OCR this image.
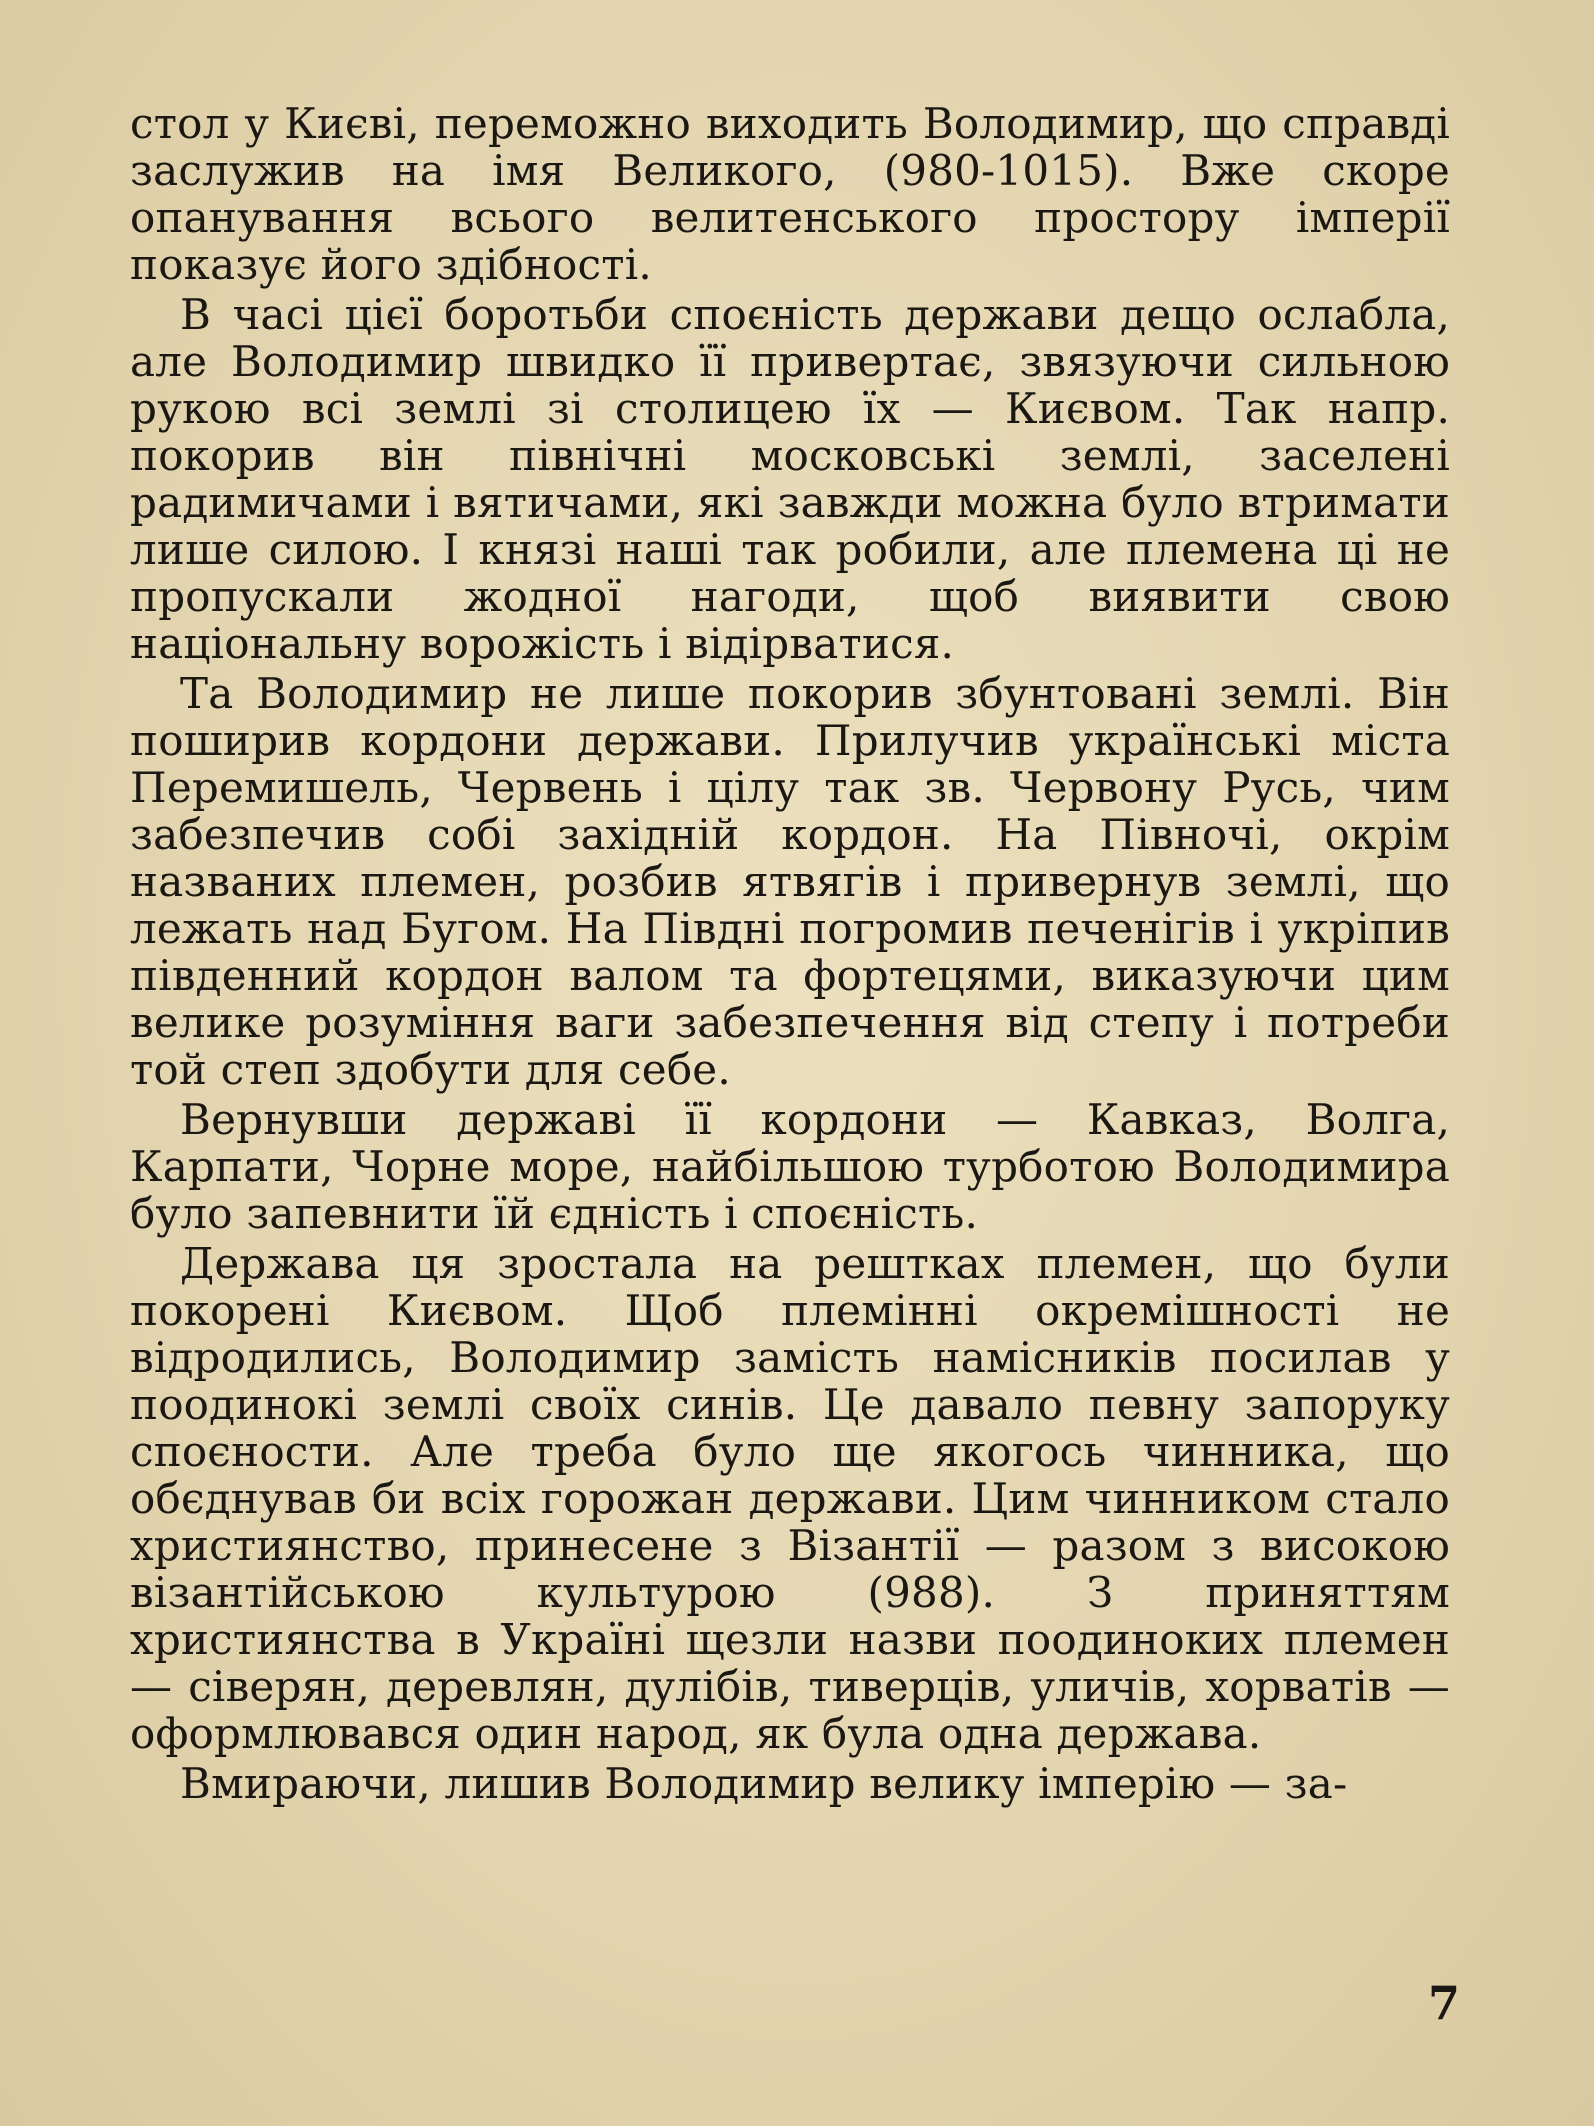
стол у Києві, переможно виходить Володимир, що справді заслужив на імя Великого, (980-1015). Вже скоре опанування всього велитенського простору імперії показує його здібності.

В часі цієї боротьби споєність держави дещо ослабла, але Володимир швидко її привертає, звязуючи сильною рукою всі землі зі столицею їх — Києвом. Так напр. покорив він північні московські землі, заселені радимичами і вятичами, які завжди можна було втримати лише силою. І князі наші так робили, але племена ці не пропускали жодної нагоди, щоб виявити свою національну ворожість і відірватися.

Та Володимир не лише покорив збунтовані землі. Він поширив кордони держави. Прилучив українські міста Перемишель, Червень і цілу так зв. Червону Русь, чим забезпечив собі західній кордон. На Півночі, окрім названих племен, розбив ятвягів і привернув землі, що лежать над Бугом. На Півдні погромив печенігів і укріпив південний кордон валом та фортецями, виказуючи цим велике розуміння ваги забезпечення від степу і потреби той степ здобути для себе.

Вернувши державі її кордони — Кавказ, Волга, Карпати, Чорне море, найбільшою турботою Володимира було запевнити їй єдність і споєність.

Держава ця зростала на рештках племен, що були покорені Києвом. Щоб племінні окремішності не відродились, Володимир замість намісників посилав у поодинокі землі своїх синів. Це давало певну запоруку споєности. Але треба було ще якогось чинника, що обєднував би всіх горожан держави. Цим чинником стало християнство, принесене з Візантії — разом з високою візантійською культурою (988). З приняттям християнства в Україні щезли назви поодиноких племен — сіверян, деревлян, дулібів, тиверців, уличів, хорватів — оформлювався один народ, як була одна держава.

Вмираючи, лишив Володимир велику імперію — за-

7
